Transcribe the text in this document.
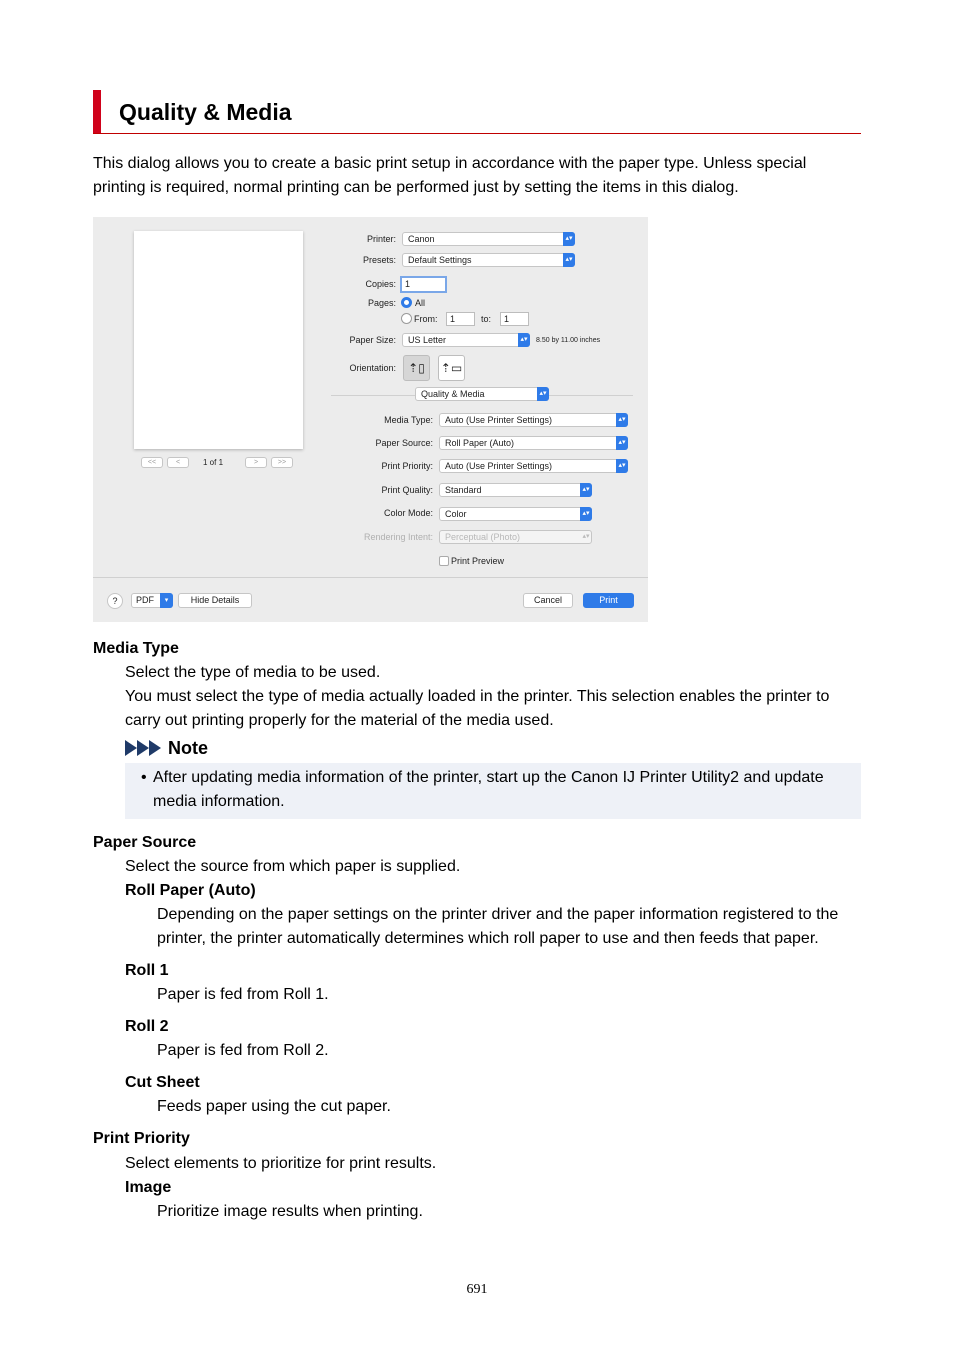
Quality & Media
This dialog allows you to create a basic print setup in accordance with the paper type. Unless special printing is required, normal printing can be performed just by setting the items in this dialog.
<<	<	1 of 1	>	>>
Printer:	Canon	▴▾
Presets:	Default Settings	▴▾
Copies:	1
Pages: All
From:	1	to:	1
Paper Size:	US Letter	▴▾	8.50 by 11.00 inches
Orientation:	⇡▯	⇡▭
Quality & Media	▴▾
Media Type:	Auto (Use Printer Settings)	▴▾
Paper Source:	Roll Paper (Auto)	▴▾
Print Priority:	Auto (Use Printer Settings)	▴▾
Print Quality:	Standard	▴▾
Color Mode:	Color	▴▾
Rendering Intent:	Perceptual (Photo)	▴▾
Print Preview
?	PDF	▾	Hide Details	Cancel	Print
Media Type
Select the type of media to be used.
You must select the type of media actually loaded in the printer. This selection enables the printer to carry out printing properly for the material of the media used.
Note
• After updating media information of the printer, start up the Canon IJ Printer Utility2 and update media information.
Paper Source
Select the source from which paper is supplied.
Roll Paper (Auto)
Depending on the paper settings on the printer driver and the paper information registered to the printer, the printer automatically determines which roll paper to use and then feeds that paper.
Roll 1
Paper is fed from Roll 1.
Roll 2
Paper is fed from Roll 2.
Cut Sheet
Feeds paper using the cut paper.
Print Priority
Select elements to prioritize for print results.
Image
Prioritize image results when printing.
691
